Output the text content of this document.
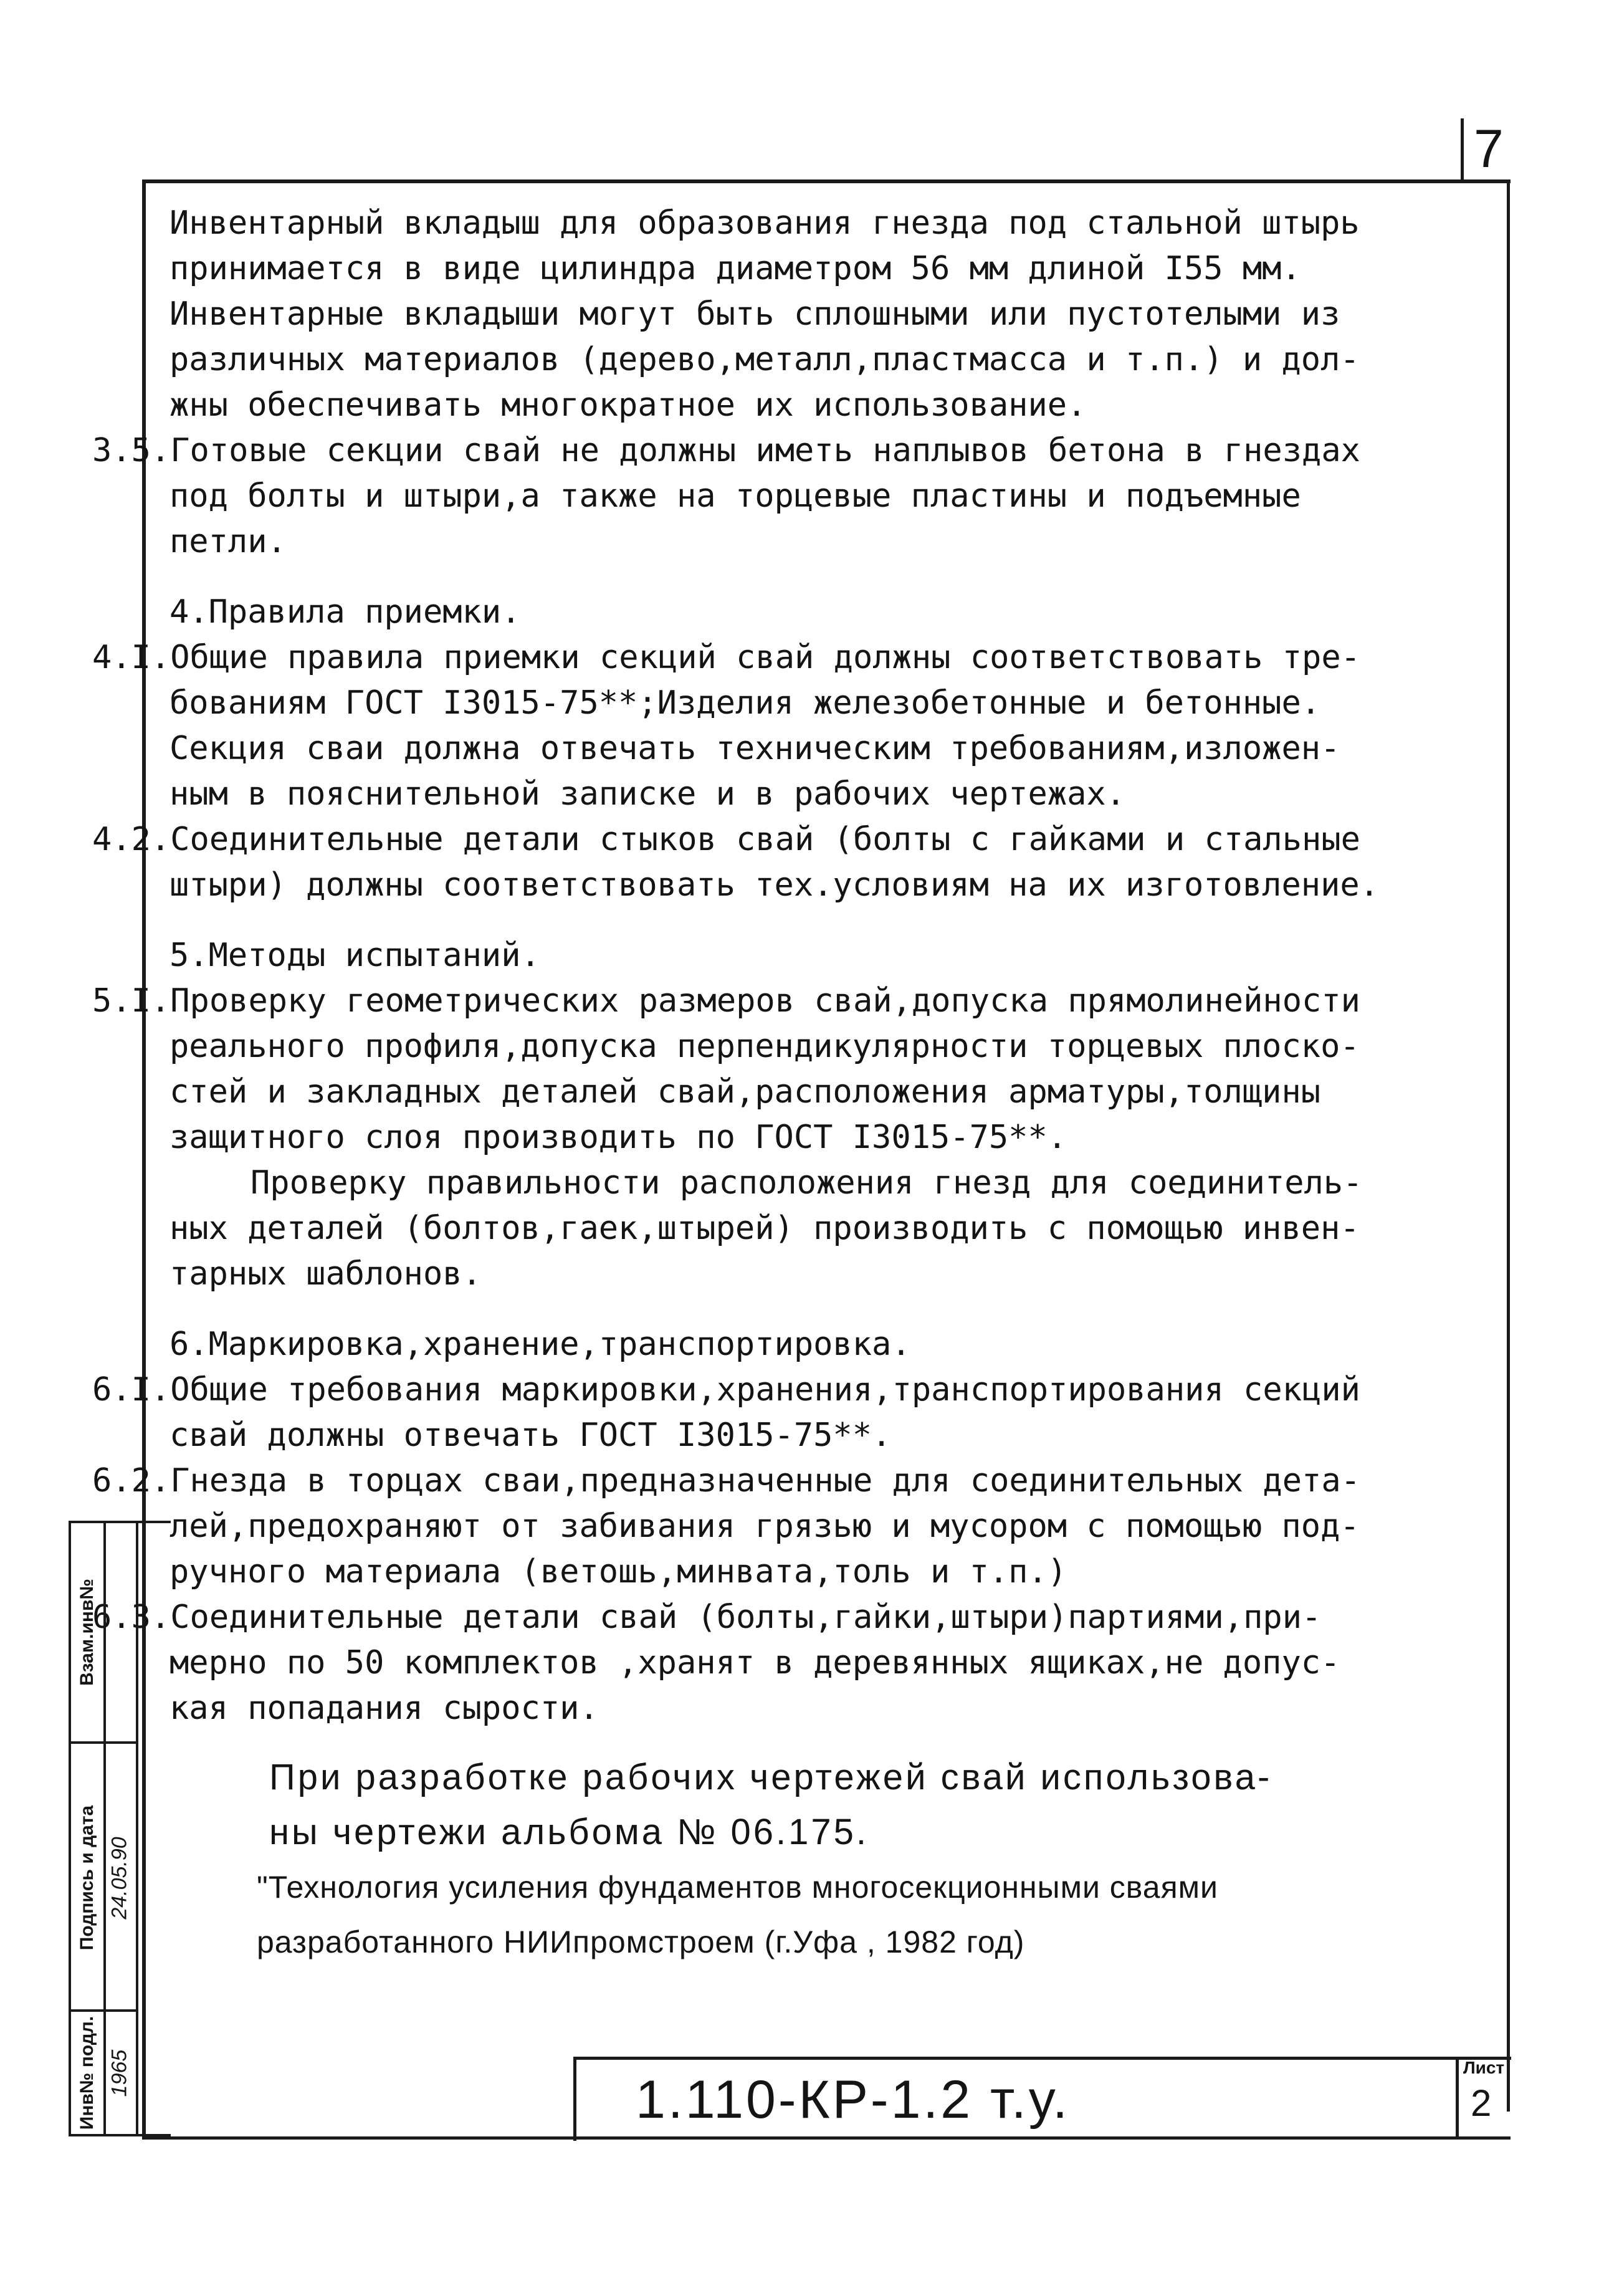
7
Инвентарный вкладыш для образования гнезда под стальной штырь
принимается в виде цилиндра диаметром 56 мм длиной I55 мм.
Инвентарные вкладыши могут быть сплошными или пустотелыми из
различных материалов (дерево,металл,пластмасса и т.п.) и дол-
жны обеспечивать многократное их использование.
3.5.Готовые секции свай не должны иметь наплывов бетона в гнездах
под болты и штыри,а также на торцевые пластины и подъемные
петли.
4.Правила приемки.
4.I.Общие правила приемки секций свай должны соответствовать тре-
бованиям ГОСТ I3015-75**;Изделия железобетонные и бетонные.
Секция сваи должна отвечать техническим требованиям,изложен-
ным в пояснительной записке и в рабочих чертежах.
4.2.Соединительные детали стыков свай (болты с гайками и стальные
штыри) должны соответствовать тех.условиям на их изготовление.
5.Методы испытаний.
5.I.Проверку геометрических размеров свай,допуска прямолинейности
реального профиля,допуска перпендикулярности торцевых плоско-
стей и закладных деталей свай,расположения арматуры,толщины
защитного слоя производить по ГОСТ I3015-75**.
Проверку правильности расположения гнезд для соединитель-
ных деталей (болтов,гаек,штырей) производить с помощью инвен-
тарных шаблонов.
6.Маркировка,хранение,транспортировка.
6.I.Общие требования маркировки,хранения,транспортирования секций
свай должны отвечать ГОСТ I3015-75**.
6.2.Гнезда в торцах сваи,предназначенные для соединительных дета-
лей,предохраняют от забивания грязью и мусором с помощью под-
ручного материала (ветошь,минвата,толь и т.п.)
6.3.Соединительные детали свай (болты,гайки,штыри)партиями,при-
мерно по 50 комплектов ,хранят в деревянных ящиках,не допус-
кая попадания сырости.
При разработке рабочих чертежей свай использова-
ны чертежи альбома № 06.175.
"Технология усиления фундаментов многосекционными сваями
разработанного НИИпромстроем (г.Уфа , 1982 год)
Взам.инв№
Подпись и дата
Инв№ подл.
24.05.90
1965	1.110-КР-1.2 т.у.
Лист
2
